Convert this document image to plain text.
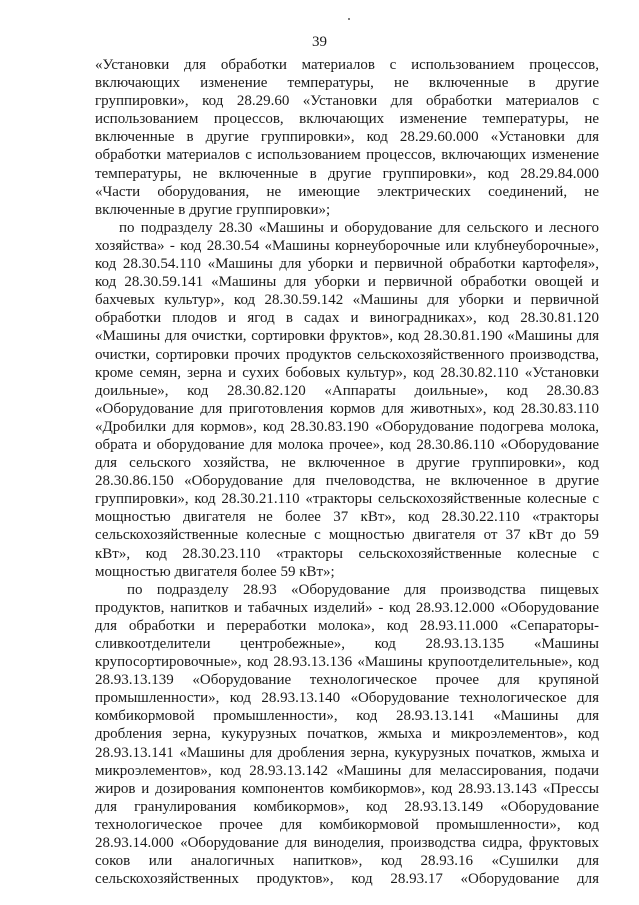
39
«Установки для обработки материалов с использованием процессов,
включающих изменение температуры, не включенные в другие
группировки», код 28.29.60 «Установки для обработки материалов с
использованием процессов, включающих изменение температуры, не
включенные в другие группировки», код 28.29.60.000 «Установки для
обработки материалов с использованием процессов, включающих изменение
температуры, не включенные в другие группировки», код 28.29.84.000
«Части оборудования, не имеющие электрических соединений, не
включенные в другие группировки»;
по подразделу 28.30 «Машины и оборудование для сельского и лесного
хозяйства» - код 28.30.54 «Машины корнеуборочные или клубнеуборочные»,
код 28.30.54.110 «Машины для уборки и первичной обработки картофеля»,
код 28.30.59.141 «Машины для уборки и первичной обработки овощей и
бахчевых культур», код 28.30.59.142 «Машины для уборки и первичной
обработки плодов и ягод в садах и виноградниках», код 28.30.81.120
«Машины для очистки, сортировки фруктов», код 28.30.81.190 «Машины для
очистки, сортировки прочих продуктов сельскохозяйственного производства,
кроме семян, зерна и сухих бобовых культур», код 28.30.82.110 «Установки
доильные», код 28.30.82.120 «Аппараты доильные», код 28.30.83
«Оборудование для приготовления кормов для животных», код 28.30.83.110
«Дробилки для кормов», код 28.30.83.190 «Оборудование подогрева молока,
обрата и оборудование для молока прочее», код 28.30.86.110 «Оборудование
для сельского хозяйства, не включенное в другие группировки», код
28.30.86.150 «Оборудование для пчеловодства, не включенное в другие
группировки», код 28.30.21.110 «тракторы сельскохозяйственные колесные с
мощностью двигателя не более 37 кВт», код 28.30.22.110 «тракторы
сельскохозяйственные колесные с мощностью двигателя от 37 кВт до 59
кВт», код 28.30.23.110 «тракторы сельскохозяйственные колесные с
мощностью двигателя более 59 кВт»;
по подразделу 28.93 «Оборудование для производства пищевых
продуктов, напитков и табачных изделий» - код 28.93.12.000 «Оборудование
для обработки и переработки молока», код 28.93.11.000 «Сепараторы-
сливкоотделители центробежные», код 28.93.13.135 «Машины
крупосортировочные», код 28.93.13.136 «Машины крупоотделительные», код
28.93.13.139 «Оборудование технологическое прочее для крупяной
промышленности», код 28.93.13.140 «Оборудование технологическое для
комбикормовой промышленности», код 28.93.13.141 «Машины для
дробления зерна, кукурузных початков, жмыха и микроэлементов», код
28.93.13.141 «Машины для дробления зерна, кукурузных початков, жмыха и
микроэлементов», код 28.93.13.142 «Машины для мелассирования, подачи
жиров и дозирования компонентов комбикормов», код 28.93.13.143 «Прессы
для гранулирования комбикормов», код 28.93.13.149 «Оборудование
технологическое прочее для комбикормовой промышленности», код
28.93.14.000 «Оборудование для виноделия, производства сидра, фруктовых
соков или аналогичных напитков», код 28.93.16 «Сушилки для
сельскохозяйственных продуктов», код 28.93.17 «Оборудование для
